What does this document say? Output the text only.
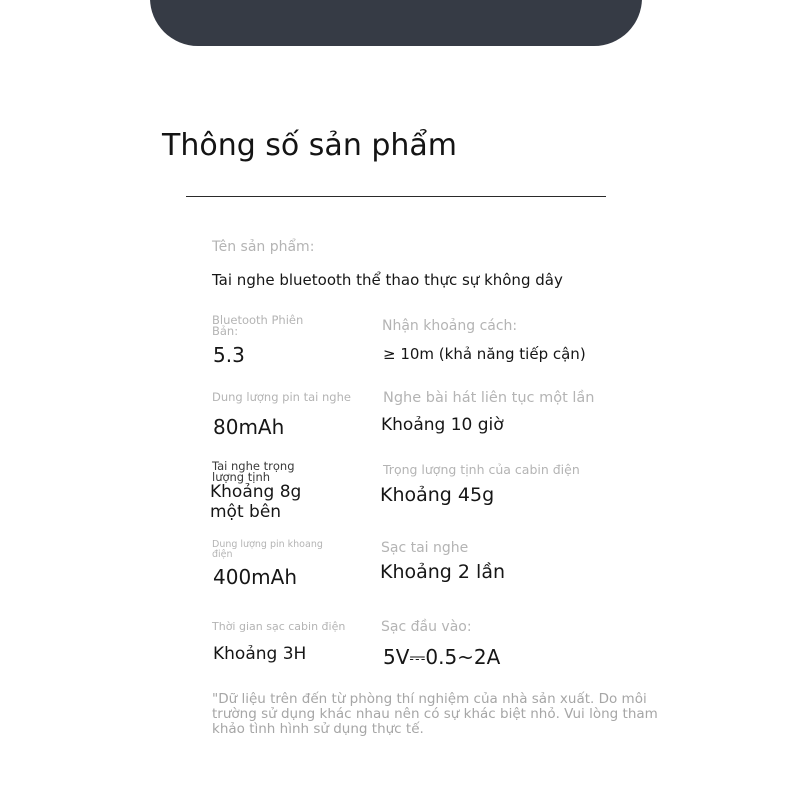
Thông số sản phẩm
Tên sản phẩm:
Tai nghe bluetooth thể thao thực sự không dây
Bluetooth Phiên Bản:
5.3
Nhận khoảng cách:
≥ 10m (khả năng tiếp cận)
Dung lượng pin tai nghe
80mAh
Nghe bài hát liên tục một lần
Khoảng 10 giờ
Tai nghe trọng lượng tịnh
Khoảng 8g một bên
Trọng lượng tịnh của cabin điện
Khoảng 45g
Dung lượng pin khoang điện
400mAh
Sạc tai nghe
Khoảng 2 lần
Thời gian sạc cabin điện
Khoảng 3H
Sạc đầu vào:
5V⎓0.5~2A
"Dữ liệu trên đến từ phòng thí nghiệm của nhà sản xuất. Do môi trường sử dụng khác nhau nên có sự khác biệt nhỏ. Vui lòng tham khảo tình hình sử dụng thực tế.
